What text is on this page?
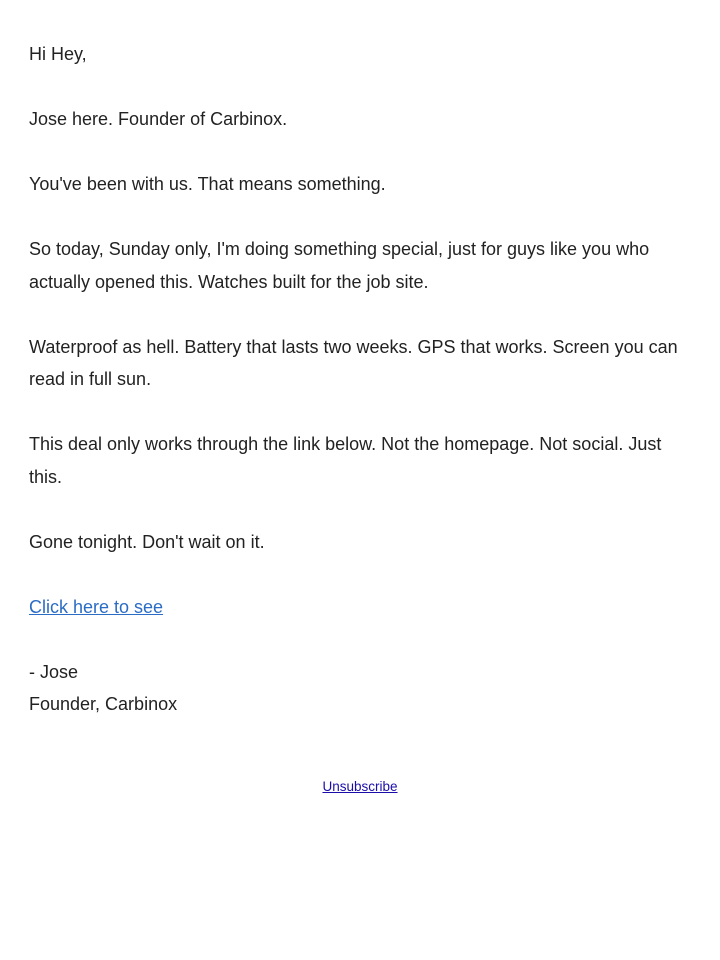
Hi Hey,

Jose here. Founder of Carbinox.

You've been with us. That means something.

So today, Sunday only, I'm doing something special, just for guys like you who actually opened this. Watches built for the job site.

Waterproof as hell. Battery that lasts two weeks. GPS that works. Screen you can read in full sun.

This deal only works through the link below. Not the homepage. Not social. Just this.

Gone tonight. Don't wait on it.

Click here to see

- Jose
Founder, Carbinox

Unsubscribe
